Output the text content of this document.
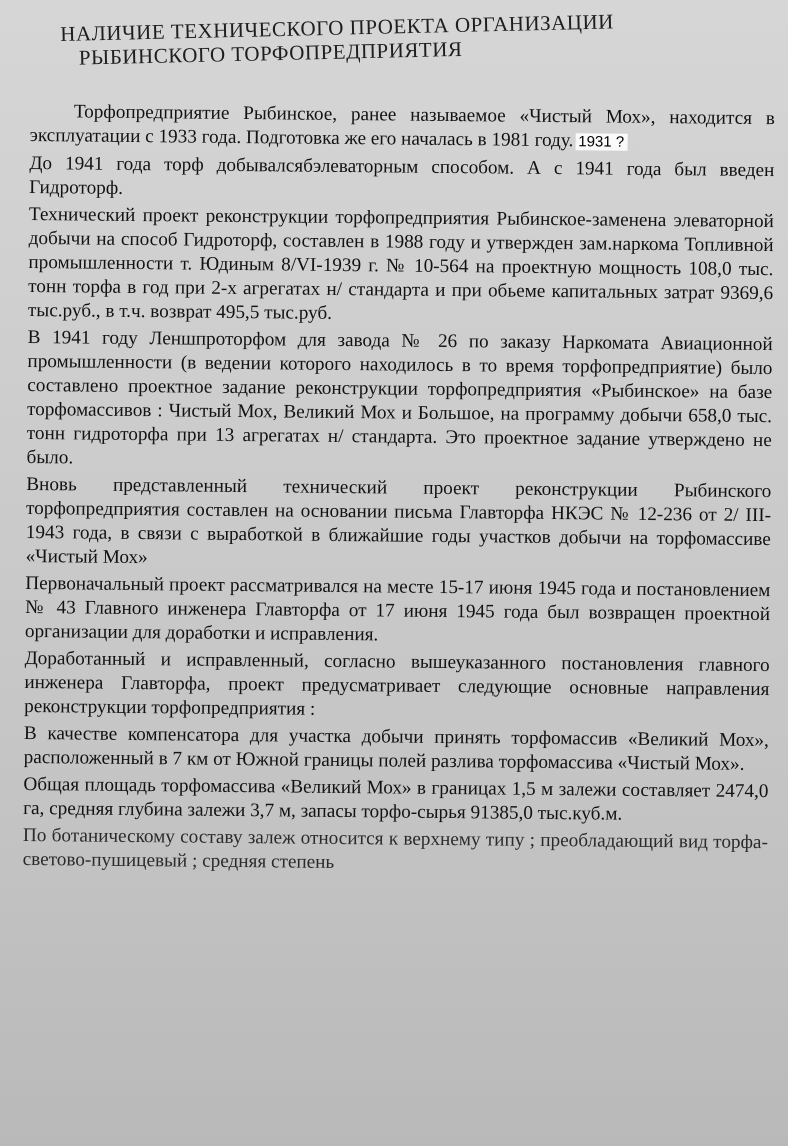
НАЛИЧИЕ ТЕХНИЧЕСКОГО ПРОЕКТА ОРГАНИЗАЦИИ
РЫБИНСКОГО ТОРФОПРЕДПРИЯТИЯ

Торфопредприятие Рыбинское, ранее называемое «Чистый Мох», находится в эксплуатации с 1933 года. Подготовка же его началась в 1981 году. 1931 ?

До 1941 года торф добывалсябэлеваторным способом. А с 1941 года был введен Гидроторф.

Технический проект реконструкции торфопредприятия Рыбинское-заменена элеваторной добычи на способ Гидроторф, составлен в 1988 году и утвержден зам.наркома Топливной промышленности т. Юдиным 8/VI-1939 г. № 10-564 на проектную мощность 108,0 тыс. тонн торфа в год при 2-х агрегатах н/ стандарта и при обьеме капитальных затрат 9369,6 тыс.руб., в т.ч. возврат 495,5 тыс.руб.

В 1941 году Леншпроторфом для завода № 26 по заказу Наркомата Авиационной промышленности (в ведении которого находилось в то время торфопредприятие) было составлено проектное задание реконструкции торфопредприятия «Рыбинское» на базе торфомассивов : Чистый Мох, Великий Мох и Большое, на программу добычи 658,0 тыс. тонн гидроторфа при 13 агрегатах н/ стандарта. Это проектное задание утверждено не было.

Вновь представленный технический проект реконструкции Рыбинского торфопредприятия составлен на основании письма Главторфа НКЭС № 12-236 от 2/ III-1943 года, в связи с выработкой в ближайшие годы участков добычи на торфомассиве «Чистый Мох»

Первоначальный проект рассматривался на месте 15-17 июня 1945 года и постановлением № 43 Главного инженера Главторфа от 17 июня 1945 года был возвращен проектной организации для доработки и исправления.

Доработанный и исправленный, согласно вышеуказанного постановления главного инженера Главторфа, проект предусматривает следующие основные направления реконструкции торфопредприятия :

В качестве компенсатора для участка добычи принять торфомассив «Великий Мох», расположенный в 7 км от Южной границы полей разлива торфомассива «Чистый Мох».

Общая площадь торфомассива «Великий Мох» в границах 1,5 м залежи составляет 2474,0 га, средняя глубина залежи 3,7 м, запасы торфо-сырья 91385,0 тыс.куб.м.

По ботаническому составу залеж относится к верхнему типу ; преобладающий вид торфа- светово-пушицевый ; средняя степень
